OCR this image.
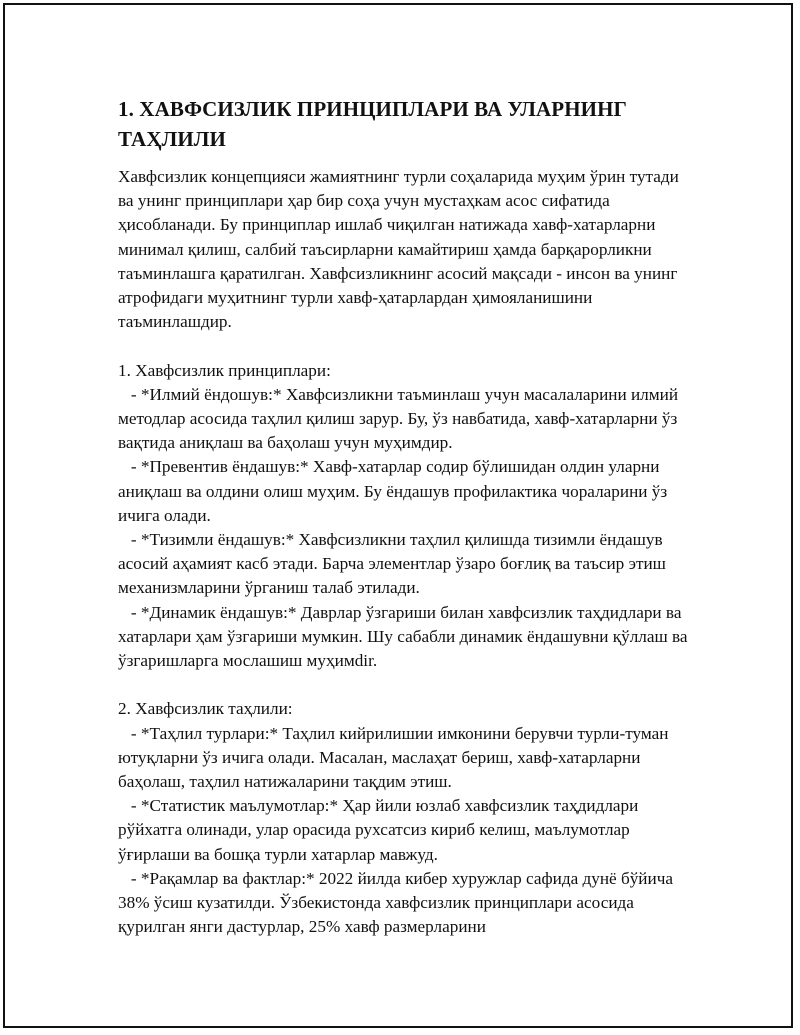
1. ХАВФСИЗЛИК ПРИНЦИПЛАРИ ВА УЛАРНИНГ ТАҲЛИЛИ

Хавфсизлик концепцияси жамиятнинг турли соҳаларида муҳим ўрин тутади ва унинг принциплари ҳар бир соҳа учун мустаҳкам асос сифатида ҳисобланади. Бу принциплар ишлаб чиқилган натижада хавф-хатарларни минимал қилиш, салбий таъсирларни камайтириш ҳамда барқарорликни таъминлашга қаратилган. Хавфсизликнинг асосий мақсади - инсон ва унинг атрофидаги муҳитнинг турли хавф-ҳатарлардан ҳимояланишини таъминлашдир.

1. Хавфсизлик принциплари:

- *Илмий ёндошув:* Хавфсизликни таъминлаш учун масалаларини илмий методлар асосида таҳлил қилиш зарур. Бу, ўз навбатида, хавф-хатарларни ўз вақтида аниқлаш ва баҳолаш учун муҳимдир.

- *Превентив ёндашув:* Хавф-хатарлар содир бўлишидан олдин уларни аниқлаш ва олдини олиш муҳим. Бу ёндашув профилактика чораларини ўз ичига олади.

- *Тизимли ёндашув:* Хавфсизликни таҳлил қилишда тизимли ёндашув асосий аҳамият касб этади. Барча элементлар ўзаро боғлиқ ва таъсир этиш механизмларини ўрганиш талаб этилади.

- *Динамик ёндашув:* Даврлар ўзгариши билан хавфсизлик таҳдидлари ва хатарлари ҳам ўзгариши мумкин. Шу сабабли динамик ёндашувни қўллаш ва ўзгаришларга мослашиш муҳимdir.

2. Хавфсизлик таҳлили:

- *Таҳлил турлари:* Таҳлил кийрилишии имконини берувчи турли-туман ютуқларни ўз ичига олади. Масалан, маслаҳат бериш, хавф-хатарларни баҳолаш, таҳлил натижаларини тақдим этиш.

- *Статистик маълумотлар:* Ҳар йили юзлаб хавфсизлик таҳдидлари рўйхатга олинади, улар орасида рухсатсиз кириб келиш, маълумотлар ўғирлаши ва бошқа турли хатарлар мавжуд.

- *Рақамлар ва фактлар:* 2022 йилда кибер хуружлар сафида дунё бўйича 38% ўсиш кузатилди. Ўзбекистонда хавфсизлик принциплари асосида қурилган янги дастурлар, 25% хавф размерларини
